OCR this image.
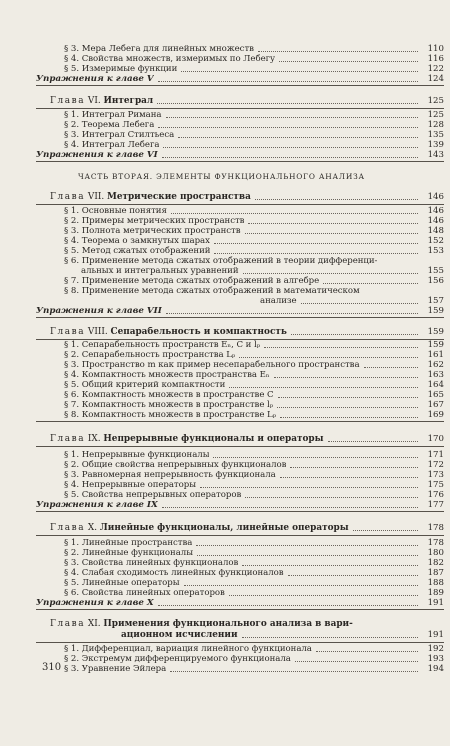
ЧАСТЬ ВТОРАЯ. ЭЛЕМЕНТЫ ФУНКЦИОНАЛЬНОГО АНАЛИЗА
§ 3. Мера Лебега для линейных множеств	110
§ 4. Свойства множеств, измеримых по Лебегу	116
§ 5. Измеримые функции	122
Упражнения к главе V	124
Глава VI. Интеграл	125
§ 1. Интеграл Римана	125
§ 2. Теорема Лебега	128
§ 3. Интеграл Стилтьеса	135
§ 4. Интеграл Лебега	139
Упражнения к главе VI	143
Глава VII. Метрические пространства	146
§ 1. Основные понятия	146
§ 2. Примеры метрических пространств	146
§ 3. Полнота метрических пространств	148
§ 4. Теорема о замкнутых шарах	152
§ 5. Метод сжатых отображений	153
§ 6. Применение метода сжатых отображений в теории дифференци-
альных и интегральных уравнений	155
§ 7. Применение метода сжатых отображений в алгебре	156
§ 8. Применение метода сжатых отображений в математическом
анализе	157
Упражнения к главе VII	159
Глава VIII. Сепарабельность и компактность	159
§ 1. Сепарабельность пространств Eₙ, C и lₚ	159
§ 2. Сепарабельность пространства Lₚ	161
§ 3. Пространство m как пример несепарабельного пространства	162
§ 4. Компактность множеств пространства Eₙ	163
§ 5. Общий критерий компактности	164
§ 6. Компактность множеств в пространстве C	165
§ 7. Компактность множеств в пространстве lₚ	167
§ 8. Компактность множеств в пространстве Lₚ	169
Глава IX. Непрерывные функционалы и операторы	170
§ 1. Непрерывные функционалы	171
§ 2. Общие свойства непрерывных функционалов	172
§ 3. Равномерная непрерывность функционала	173
§ 4. Непрерывные операторы	175
§ 5. Свойства непрерывных операторов	176
Упражнения к главе IX	177
Глава X. Линейные функционалы, линейные операторы	178
§ 1. Линейные пространства	178
§ 2. Линейные функционалы	180
§ 3. Свойства линейных функционалов	182
§ 4. Слабая сходимость линейных функционалов	187
§ 5. Линейные операторы	188
§ 6. Свойства линейных операторов	189
Упражнения к главе X	191
Глава XI. Применения функционального анализа в вари-
ационном исчислении	191
§ 1. Дифференциал, вариация линейного функционала	192
§ 2. Экстремум дифференцируемого функционала	193
§ 3. Уравнение Эйлера	194
310
